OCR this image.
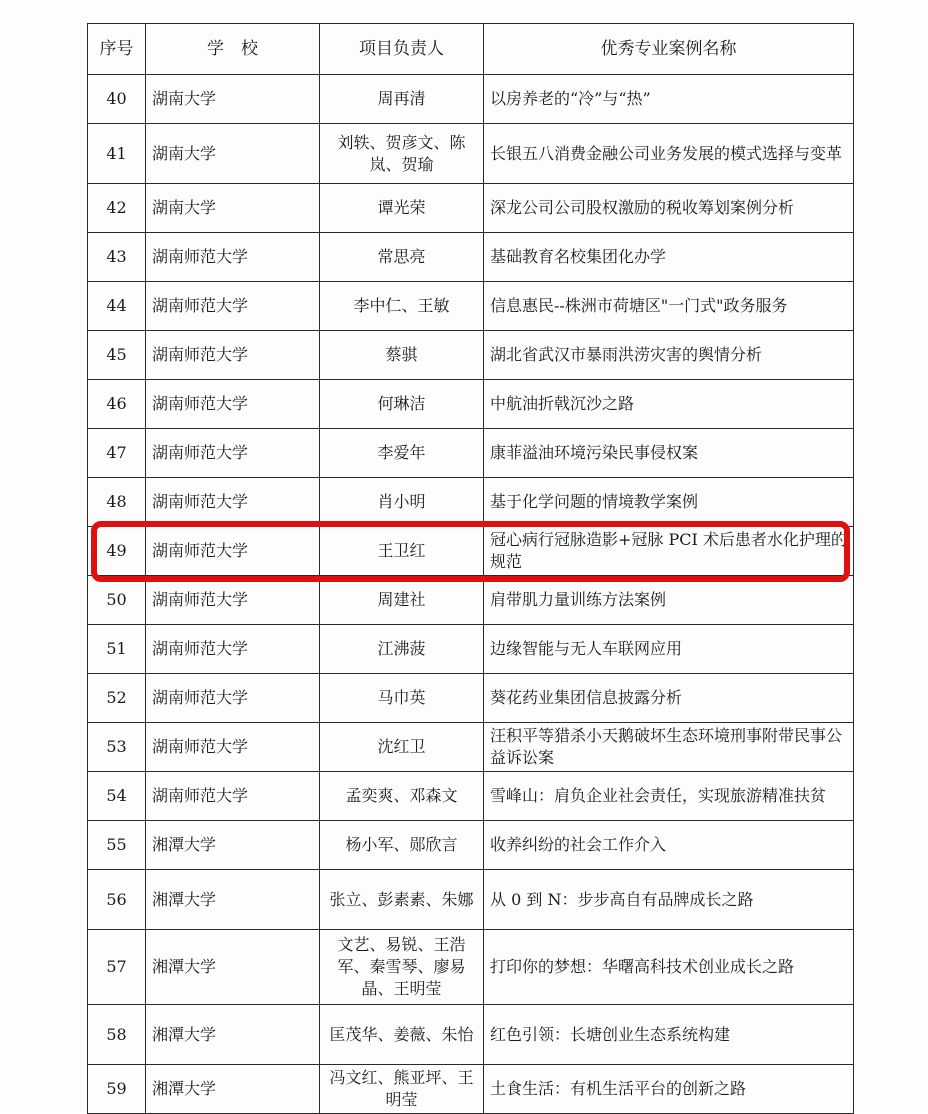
序号	学　校	项目负责人	优秀专业案例名称
40	湖南大学	周再清	以房养老的“冷”与“热”
41	湖南大学	刘轶、贺彦文、陈岚、贺瑜	长银五八消费金融公司业务发展的模式选择与变革
42	湖南大学	谭光荣	深龙公司公司股权激励的税收筹划案例分析
43	湖南师范大学	常思亮	基础教育名校集团化办学
44	湖南师范大学	李中仁、王敏	信息惠民--株洲市荷塘区"一门式"政务服务
45	湖南师范大学	蔡骐	湖北省武汉市暴雨洪涝灾害的舆情分析
46	湖南师范大学	何琳洁	中航油折戟沉沙之路
47	湖南师范大学	李爱年	康菲溢油环境污染民事侵权案
48	湖南师范大学	肖小明	基于化学问题的情境教学案例
49	湖南师范大学	王卫红	冠心病行冠脉造影+冠脉 PCI 术后患者水化护理的规范
50	湖南师范大学	周建社	肩带肌力量训练方法案例
51	湖南师范大学	江沸菠	边缘智能与无人车联网应用
52	湖南师范大学	马巾英	葵花药业集团信息披露分析
53	湖南师范大学	沈红卫	汪积平等猎杀小天鹅破坏生态环境刑事附带民事公益诉讼案
54	湖南师范大学	孟奕爽、邓森文	雪峰山：肩负企业社会责任，实现旅游精准扶贫
55	湘潭大学	杨小军、郧欣言	收养纠纷的社会工作介入
56	湘潭大学	张立、彭素素、朱娜	从 0 到 N：步步高自有品牌成长之路
57	湘潭大学	文艺、易锐、王浩军、秦雪琴、廖易晶、王明莹	打印你的梦想：华曙高科技术创业成长之路
58	湘潭大学	匡茂华、姜薇、朱怡	红色引领：长塘创业生态系统构建
59	湘潭大学	冯文红、熊亚坪、王明莹	土食生活：有机生活平台的创新之路
